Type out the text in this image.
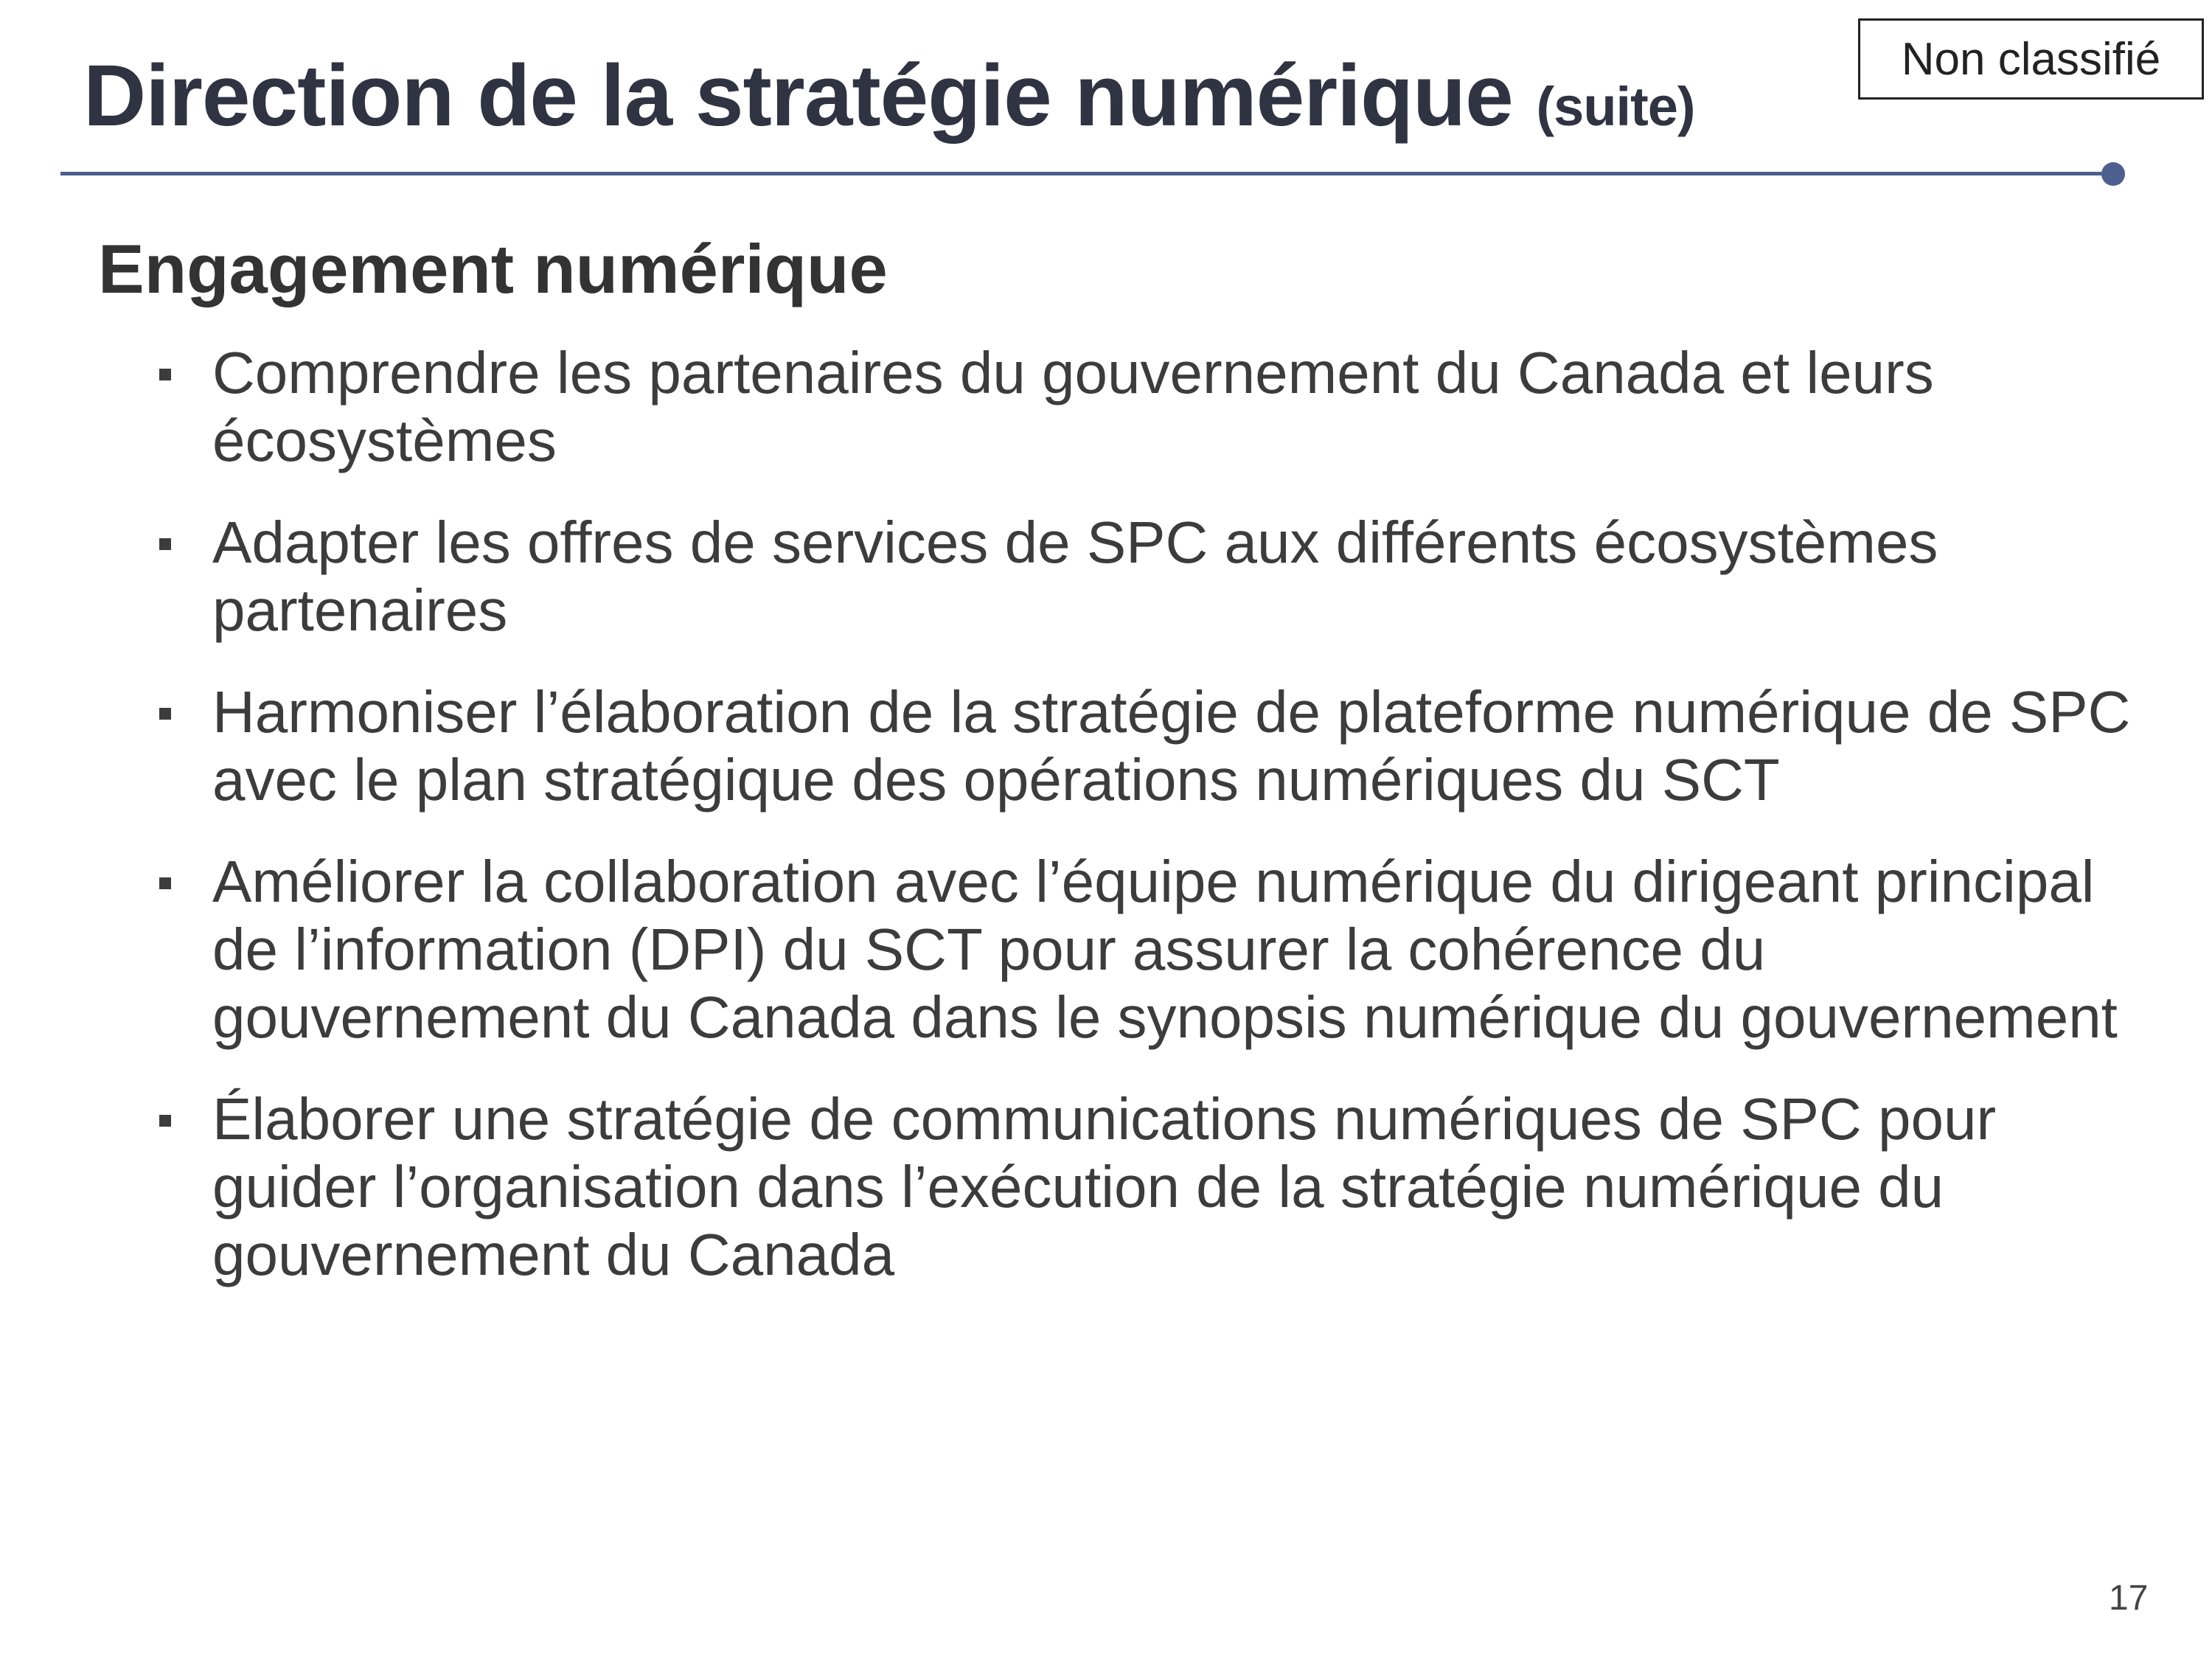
Direction de la stratégie numérique (suite)
Non classifié
Engagement numérique
Comprendre les partenaires du gouvernement du Canada et leurs écosystèmes
Adapter les offres de services de SPC aux différents écosystèmes partenaires
Harmoniser l’élaboration de la stratégie de plateforme numérique de SPC avec le plan stratégique des opérations numériques du SCT
Améliorer la collaboration avec l’équipe numérique du dirigeant principal de l’information (DPI) du SCT pour assurer la cohérence du gouvernement du Canada dans le synopsis numérique du gouvernement
Élaborer une stratégie de communications numériques de SPC pour guider l’organisation dans l’exécution de la stratégie numérique du gouvernement du Canada
17
